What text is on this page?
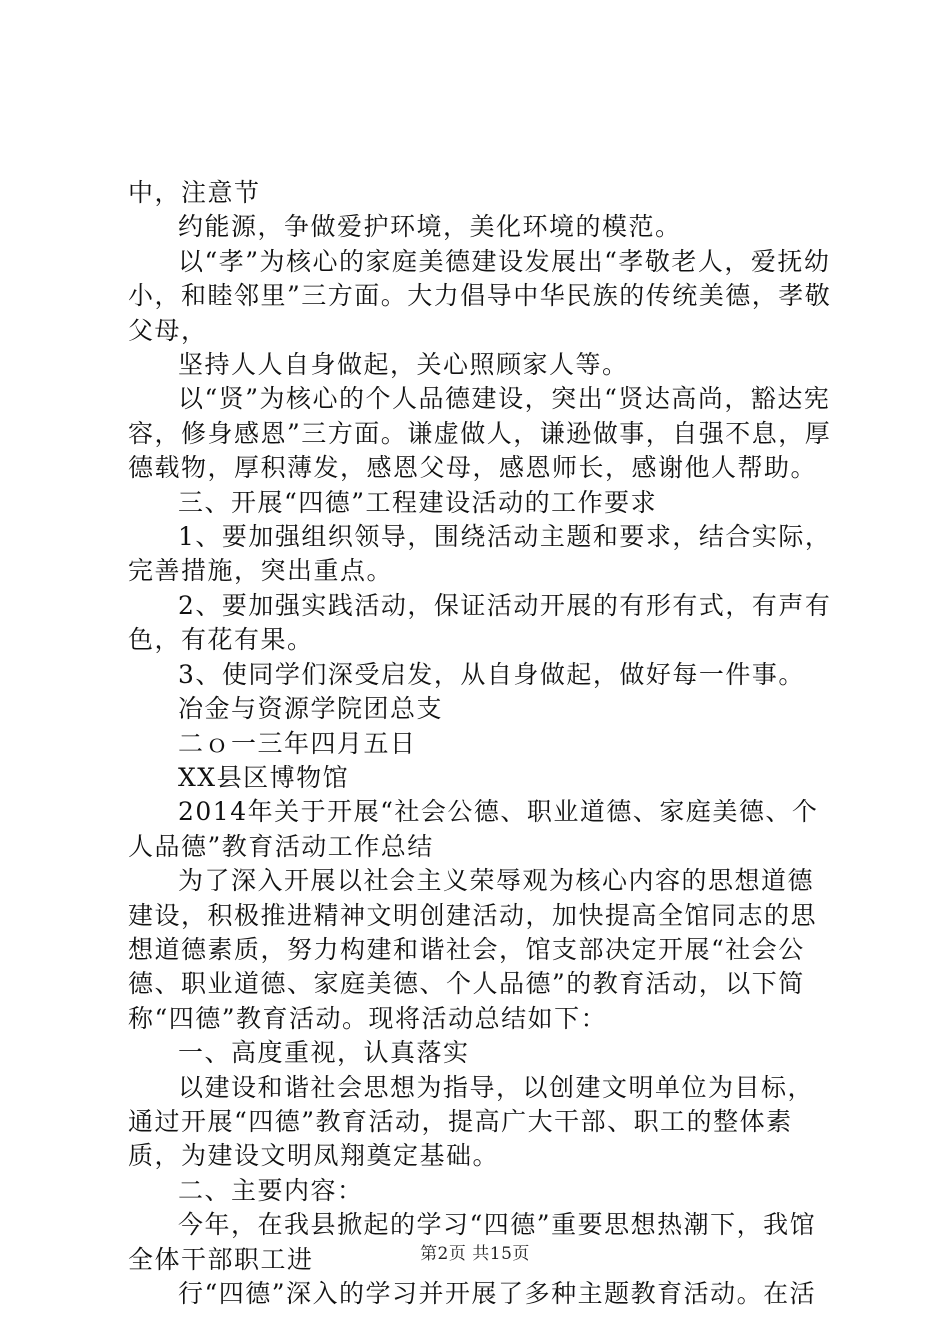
中，注意节

约能源，争做爱护环境，美化环境的模范。

以“孝”为核心的家庭美德建设发展出“孝敬老人，爱抚幼小，和睦邻里”三方面。大力倡导中华民族的传统美德，孝敬父母，

坚持人人自身做起，关心照顾家人等。

以“贤”为核心的个人品德建设，突出“贤达高尚，豁达宪容，修身感恩”三方面。谦虚做人，谦逊做事，自强不息，厚德载物，厚积薄发，感恩父母，感恩师长，感谢他人帮助。

三、开展“四德”工程建设活动的工作要求

1、要加强组织领导，围绕活动主题和要求，结合实际，完善措施，突出重点。

2、要加强实践活动，保证活动开展的有形有式，有声有色，有花有果。

3、使同学们深受启发，从自身做起，做好每一件事。

冶金与资源学院团总支

二ｏ一三年四月五日

XX县区博物馆

2014年关于开展“社会公德、职业道德、家庭美德、个人品德”教育活动工作总结

为了深入开展以社会主义荣辱观为核心内容的思想道德建设，积极推进精神文明创建活动，加快提高全馆同志的思想道德素质，努力构建和谐社会，馆支部决定开展“社会公德、职业道德、家庭美德、个人品德”的教育活动，以下简称“四德”教育活动。现将活动总结如下：

一、高度重视，认真落实

以建设和谐社会思想为指导，以创建文明单位为目标，通过开展“四德”教育活动，提高广大干部、职工的整体素质，为建设文明凤翔奠定基础。

二、主要内容：

今年，在我县掀起的学习“四德”重要思想热潮下，我馆全体干部职工进

行“四德”深入的学习并开展了多种主题教育活动。在活

第2页 共15页
